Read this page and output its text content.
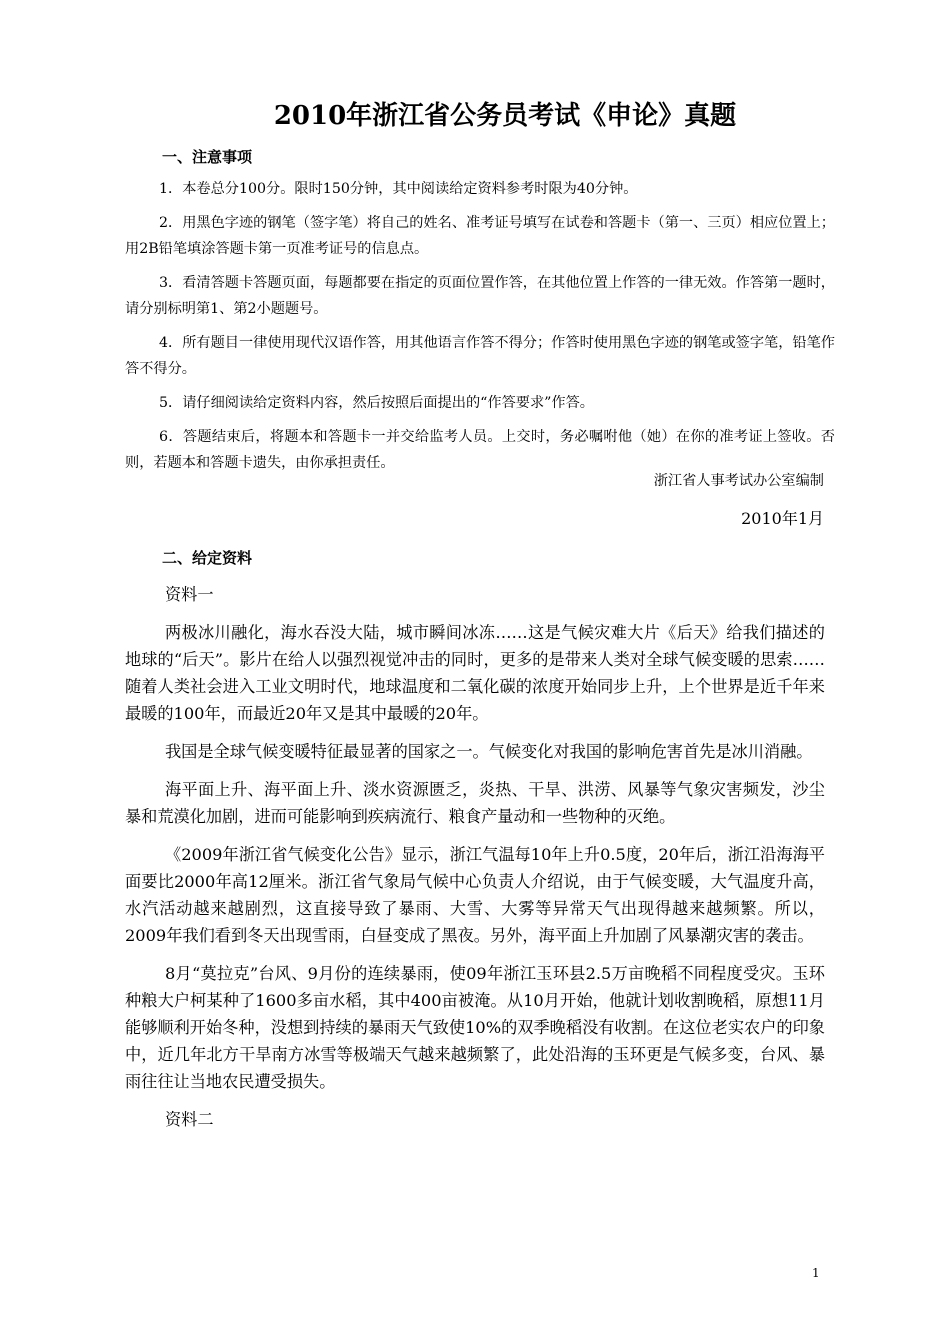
2010年浙江省公务员考试《申论》真题
一、注意事项

1．本卷总分100分。限时150分钟，其中阅读给定资料参考时限为40分钟。

2．用黑色字迹的钢笔（签字笔）将自己的姓名、准考证号填写在试卷和答题卡（第一、三页）相应位置上；用2B铅笔填涂答题卡第一页准考证号的信息点。

3．看清答题卡答题页面，每题都要在指定的页面位置作答，在其他位置上作答的一律无效。作答第一题时，请分别标明第1、第2小题题号。

4．所有题目一律使用现代汉语作答，用其他语言作答不得分；作答时使用黑色字迹的钢笔或签字笔，铅笔作答不得分。

5．请仔细阅读给定资料内容，然后按照后面提出的“作答要求”作答。

6．答题结束后，将题本和答题卡一并交给监考人员。上交时，务必嘱咐他（她）在你的准考证上签收。否则，若题本和答题卡遗失，由你承担责任。

浙江省人事考试办公室编制
2010年1月
二、给定资料

资料一

两极冰川融化，海水吞没大陆，城市瞬间冰冻……这是气候灾难大片《后天》给我们描述的地球的“后天”。影片在给人以强烈视觉冲击的同时，更多的是带来人类对全球气候变暖的思索……随着人类社会进入工业文明时代，地球温度和二氧化碳的浓度开始同步上升，上个世界是近千年来最暖的100年，而最近20年又是其中最暖的20年。

我国是全球气候变暖特征最显著的国家之一。气候变化对我国的影响危害首先是冰川消融。

海平面上升、海平面上升、淡水资源匮乏，炎热、干旱、洪涝、风暴等气象灾害频发，沙尘暴和荒漠化加剧，进而可能影响到疾病流行、粮食产量动和一些物种的灭绝。

《2009年浙江省气候变化公告》显示，浙江气温每10年上升0.5度，20年后，浙江沿海海平面要比2000年高12厘米。浙江省气象局气候中心负责人介绍说，由于气候变暖，大气温度升高，水汽活动越来越剧烈，这直接导致了暴雨、大雪、大雾等异常天气出现得越来越频繁。所以，2009年我们看到冬天出现雪雨，白昼变成了黑夜。另外，海平面上升加剧了风暴潮灾害的袭击。

8月“莫拉克”台风、9月份的连续暴雨，使09年浙江玉环县2.5万亩晚稻不同程度受灾。玉环种粮大户柯某种了1600多亩水稻，其中400亩被淹。从10月开始，他就计划收割晚稻，原想11月能够顺利开始冬种，没想到持续的暴雨天气致使10%的双季晚稻没有收割。在这位老实农户的印象中，近几年北方干旱南方冰雪等极端天气越来越频繁了，此处沿海的玉环更是气候多变，台风、暴雨往往让当地农民遭受损失。

资料二

1
